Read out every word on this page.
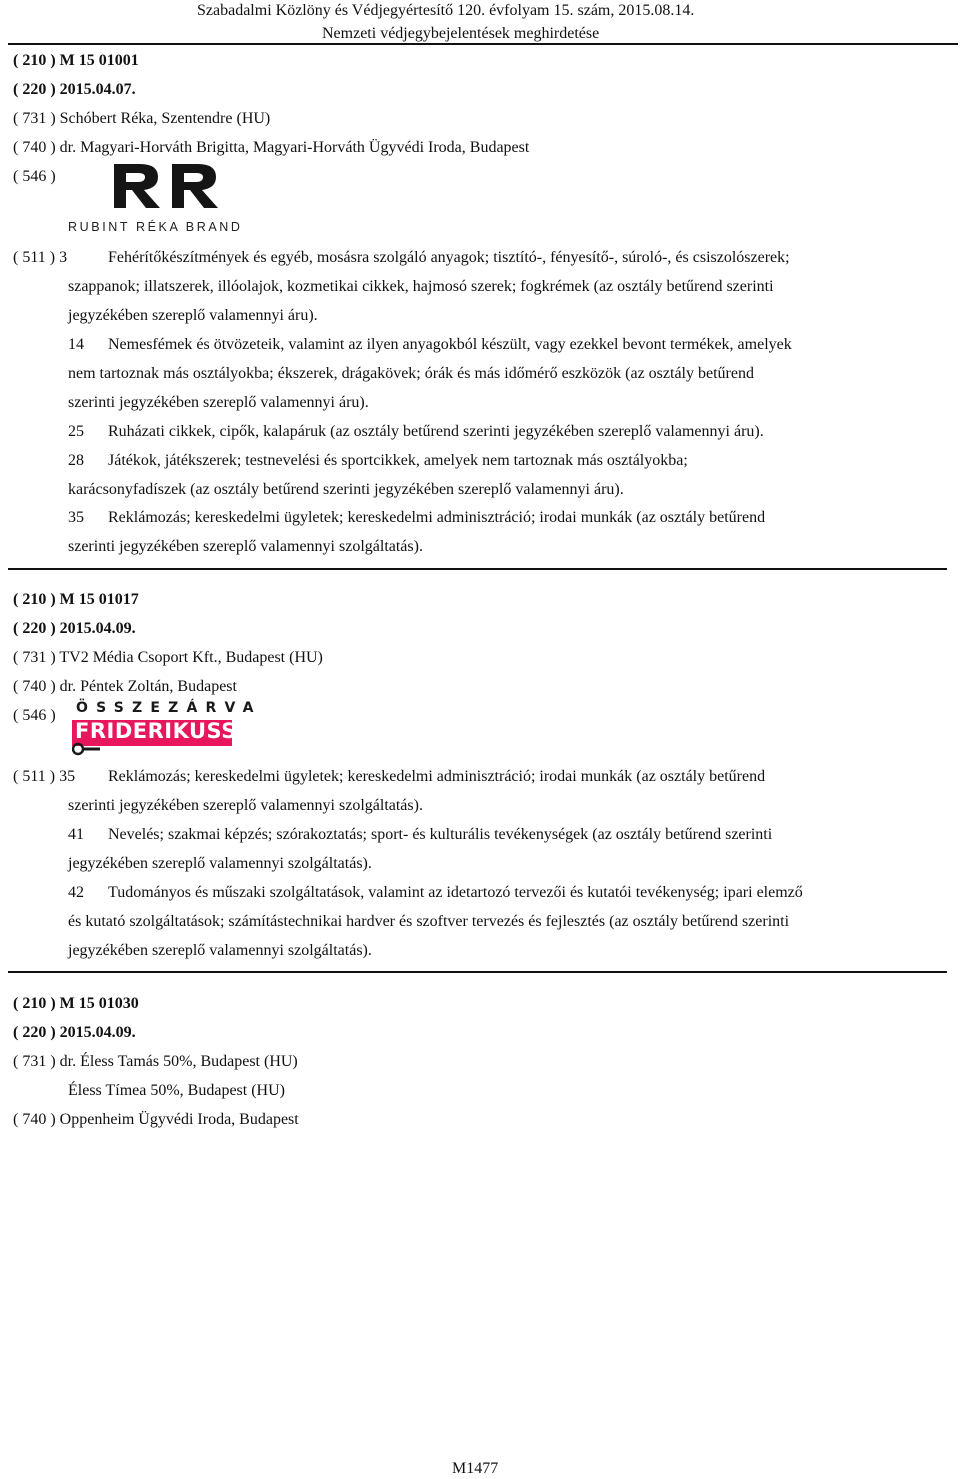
Szabadalmi Közlöny és Védjegyértesítő 120. évfolyam 15. szám, 2015.08.14.
Nemzeti védjegybejelentések meghirdetése
( 210 ) M 15 01001
( 220 ) 2015.04.07.
( 731 ) Schóbert Réka, Szentendre (HU)
( 740 ) dr. Magyari-Horváth Brigitta, Magyari-Horváth Ügyvédi Iroda, Budapest
( 546 )
RUBINT RÉKA BRAND
( 511 ) 3	Fehérítőkészítmények és egyéb, mosásra szolgáló anyagok; tisztító-, fényesítő-, súroló-, és csiszolószerek;
szappanok; illatszerek, illóolajok, kozmetikai cikkek, hajmosó szerek; fogkrémek (az osztály betűrend szerinti
jegyzékében szereplő valamennyi áru).
14 Nemesfémek és ötvözeteik, valamint az ilyen anyagokból készült, vagy ezekkel bevont termékek, amelyek
nem tartoznak más osztályokba; ékszerek, drágakövek; órák és más időmérő eszközök (az osztály betűrend
szerinti jegyzékében szereplő valamennyi áru).
25 Ruházati cikkek, cipők, kalapáruk (az osztály betűrend szerinti jegyzékében szereplő valamennyi áru).
28 Játékok, játékszerek; testnevelési és sportcikkek, amelyek nem tartoznak más osztályokba;
karácsonyfadíszek (az osztály betűrend szerinti jegyzékében szereplő valamennyi áru).
35 Reklámozás; kereskedelmi ügyletek; kereskedelmi adminisztráció; irodai munkák (az osztály betűrend
szerinti jegyzékében szereplő valamennyi szolgáltatás).
( 210 ) M 15 01017
( 220 ) 2015.04.09.
( 731 ) TV2 Média Csoport Kft., Budapest (HU)
( 740 ) dr. Péntek Zoltán, Budapest
( 546 ) ÖSSZEZÁRVA
FRIDERIKUSSZAL
( 511 ) 35 Reklámozás; kereskedelmi ügyletek; kereskedelmi adminisztráció; irodai munkák (az osztály betűrend
szerinti jegyzékében szereplő valamennyi szolgáltatás).
41 Nevelés; szakmai képzés; szórakoztatás; sport- és kulturális tevékenységek (az osztály betűrend szerinti
jegyzékében szereplő valamennyi szolgáltatás).
42 Tudományos és műszaki szolgáltatások, valamint az idetartozó tervezői és kutatói tevékenység; ipari elemző
és kutató szolgáltatások; számítástechnikai hardver és szoftver tervezés és fejlesztés (az osztály betűrend szerinti
jegyzékében szereplő valamennyi szolgáltatás).
( 210 ) M 15 01030
( 220 ) 2015.04.09.
( 731 ) dr. Éless Tamás 50%, Budapest (HU)
Éless Tímea 50%, Budapest (HU)
( 740 ) Oppenheim Ügyvédi Iroda, Budapest
M1477
